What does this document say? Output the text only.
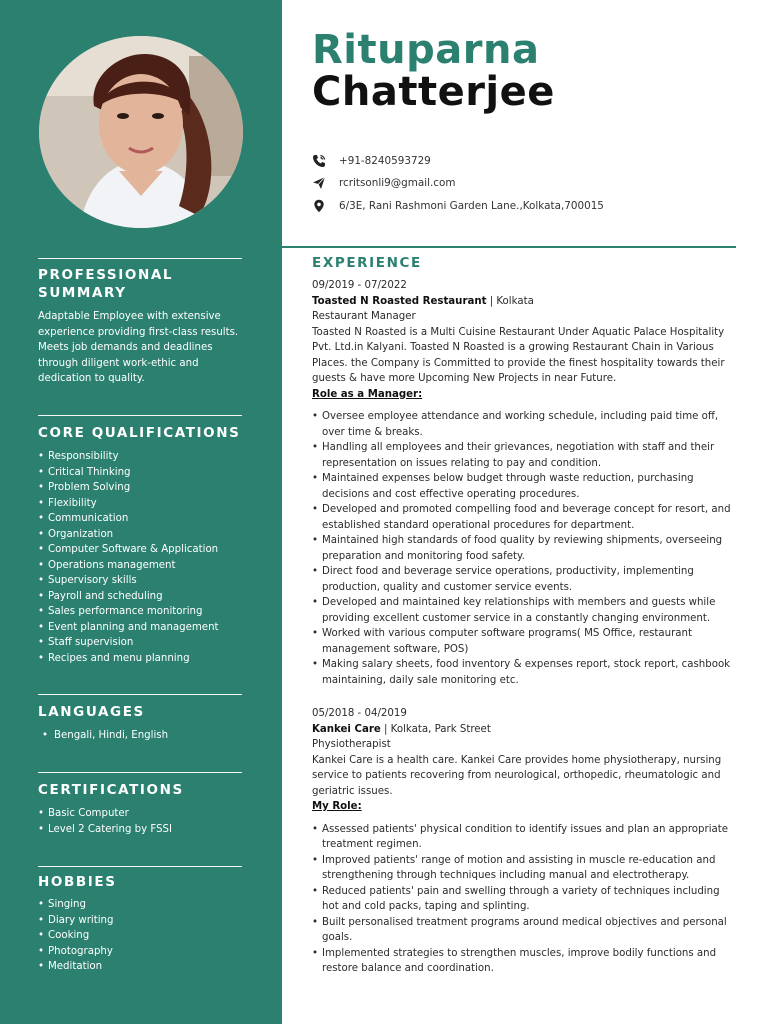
PROFESSIONAL SUMMARY
Adaptable Employee with extensive experience providing first-class results. Meets job demands and deadlines through diligent work-ethic and dedication to quality.
CORE QUALIFICATIONS
• Responsibility
• Critical Thinking
• Problem Solving
• Flexibility
• Communication
• Organization
• Computer Software & Application
• Operations management
• Supervisory skills
• Payroll and scheduling
• Sales performance monitoring
• Event planning and management
• Staff supervision
• Recipes and menu planning
LANGUAGES
• Bengali, Hindi, English
CERTIFICATIONS
• Basic Computer
• Level 2 Catering by FSSI
HOBBIES
• Singing
• Diary writing
• Cooking
• Photography
• Meditation
Rituparna
Chatterjee
+91-8240593729
rcritsonli9@gmail.com
6/3E, Rani Rashmoni Garden Lane.,Kolkata,700015
EXPERIENCE
09/2019 - 07/2022
Toasted N Roasted Restaurant | Kolkata
Restaurant Manager
Toasted N Roasted is a Multi Cuisine Restaurant Under Aquatic Palace Hospitality Pvt. Ltd.in Kalyani. Toasted N Roasted is a growing Restaurant Chain in Various Places. the Company is Committed to provide the finest hospitality towards their guests & have more Upcoming New Projects in near Future.
Role as a Manager:
• Oversee employee attendance and working schedule, including paid time off, over time & breaks.
• Handling all employees and their grievances, negotiation with staff and their representation on issues relating to pay and condition.
• Maintained expenses below budget through waste reduction, purchasing decisions and cost effective operating procedures.
• Developed and promoted compelling food and beverage concept for resort, and established standard operational procedures for department.
• Maintained high standards of food quality by reviewing shipments, overseeing preparation and monitoring food safety.
• Direct food and beverage service operations, productivity, implementing production, quality and customer service events.
• Developed and maintained key relationships with members and guests while providing excellent customer service in a constantly changing environment.
• Worked with various computer software programs( MS Office, restaurant management software, POS)
• Making salary sheets, food inventory & expenses report, stock report, cashbook maintaining, daily sale monitoring etc.
05/2018 - 04/2019
Kankei Care | Kolkata, Park Street
Physiotherapist
Kankei Care is a health care. Kankei Care provides home physiotherapy, nursing service to patients recovering from neurological, orthopedic, rheumatologic and geriatric issues.
My Role:
• Assessed patients' physical condition to identify issues and plan an appropriate treatment regimen.
• Improved patients' range of motion and assisting in muscle re-education and strengthening through techniques including manual and electrotherapy.
• Reduced patients' pain and swelling through a variety of techniques including hot and cold packs, taping and splinting.
• Built personalised treatment programs around medical objectives and personal goals.
• Implemented strategies to strengthen muscles, improve bodily functions and restore balance and coordination.
